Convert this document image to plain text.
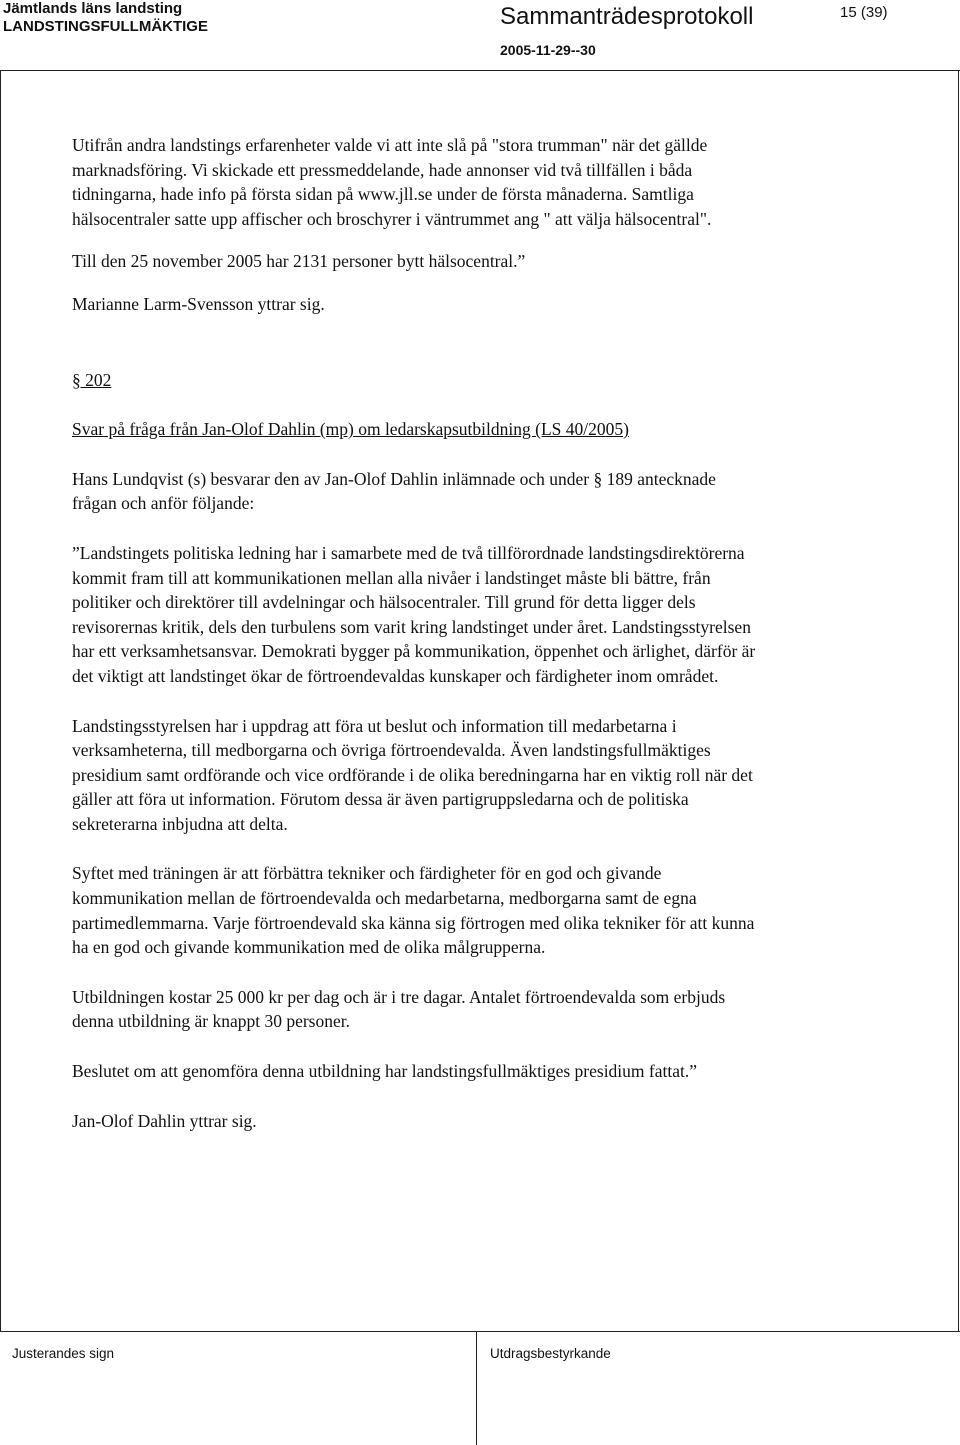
Jämtlands läns landsting
LANDSTINGSFULLMÄKTIGE	Sammanträdesprotokoll
2005-11-29--30
15 (39)

Utifrån andra landstings erfarenheter valde vi att inte slå på "stora trumman" när det gällde
marknadsföring. Vi skickade ett pressmeddelande, hade annonser vid två tillfällen i båda
tidningarna, hade info på första sidan på www.jll.se under de första månaderna. Samtliga
hälsocentraler satte upp affischer och broschyrer i väntrummet ang " att välja hälsocentral".

Till den 25 november 2005 har 2131 personer bytt hälsocentral.”

Marianne Larm-Svensson yttrar sig.

§ 202

Svar på fråga från Jan-Olof Dahlin (mp) om ledarskapsutbildning (LS 40/2005)

Hans Lundqvist (s) besvarar den av Jan-Olof Dahlin inlämnade och under § 189 antecknade
frågan och anför följande:

”Landstingets politiska ledning har i samarbete med de två tillförordnade landstingsdirektörerna
kommit fram till att kommunikationen mellan alla nivåer i landstinget måste bli bättre, från
politiker och direktörer till avdelningar och hälsocentraler. Till grund för detta ligger dels
revisorernas kritik, dels den turbulens som varit kring landstinget under året. Landstingsstyrelsen
har ett verksamhetsansvar. Demokrati bygger på kommunikation, öppenhet och ärlighet, därför är
det viktigt att landstinget ökar de förtroendevaldas kunskaper och färdigheter inom området.

Landstingsstyrelsen har i uppdrag att föra ut beslut och information till medarbetarna i
verksamheterna, till medborgarna och övriga förtroendevalda. Även landstingsfullmäktiges
presidium samt ordförande och vice ordförande i de olika beredningarna har en viktig roll när det
gäller att föra ut information. Förutom dessa är även partigruppsledarna och de politiska
sekreterarna inbjudna att delta.

Syftet med träningen är att förbättra tekniker och färdigheter för en god och givande
kommunikation mellan de förtroendevalda och medarbetarna, medborgarna samt de egna
partimedlemmarna. Varje förtroendevald ska känna sig förtrogen med olika tekniker för att kunna
ha en god och givande kommunikation med de olika målgrupperna.

Utbildningen kostar 25 000 kr per dag och är i tre dagar. Antalet förtroendevalda som erbjuds
denna utbildning är knappt 30 personer.

Beslutet om att genomföra denna utbildning har landstingsfullmäktiges presidium fattat.”

Jan-Olof Dahlin yttrar sig.

Justerandes sign	Utdragsbestyrkande
